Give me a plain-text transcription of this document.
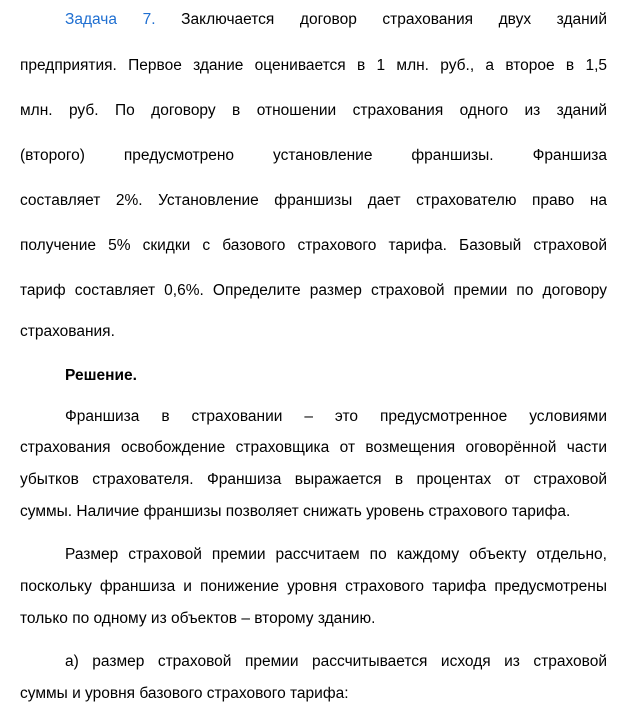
Задача 7. Заключается договор страхования двух зданий
предприятия. Первое здание оценивается в 1 млн. руб., а второе в 1,5
млн. руб. По договору в отношении страхования одного из зданий
(второго) предусмотрено установление франшизы. Франшиза
составляет 2%. Установление франшизы дает страхователю право на
получение 5% скидки с базового страхового тарифа. Базовый страховой
тариф составляет 0,6%. Определите размер страховой премии по договору
страхования.
Решение.
Франшиза в страховании – это предусмотренное условиями
страхования освобождение страховщика от возмещения оговорённой части
убытков страхователя. Франшиза выражается в процентах от страховой
суммы. Наличие франшизы позволяет снижать уровень страхового тарифа.
Размер страховой премии рассчитаем по каждому объекту отдельно,
поскольку франшиза и понижение уровня страхового тарифа предусмотрены
только по одному из объектов – второму зданию.
а) размер страховой премии рассчитывается исходя из страховой
суммы и уровня базового страхового тарифа:
